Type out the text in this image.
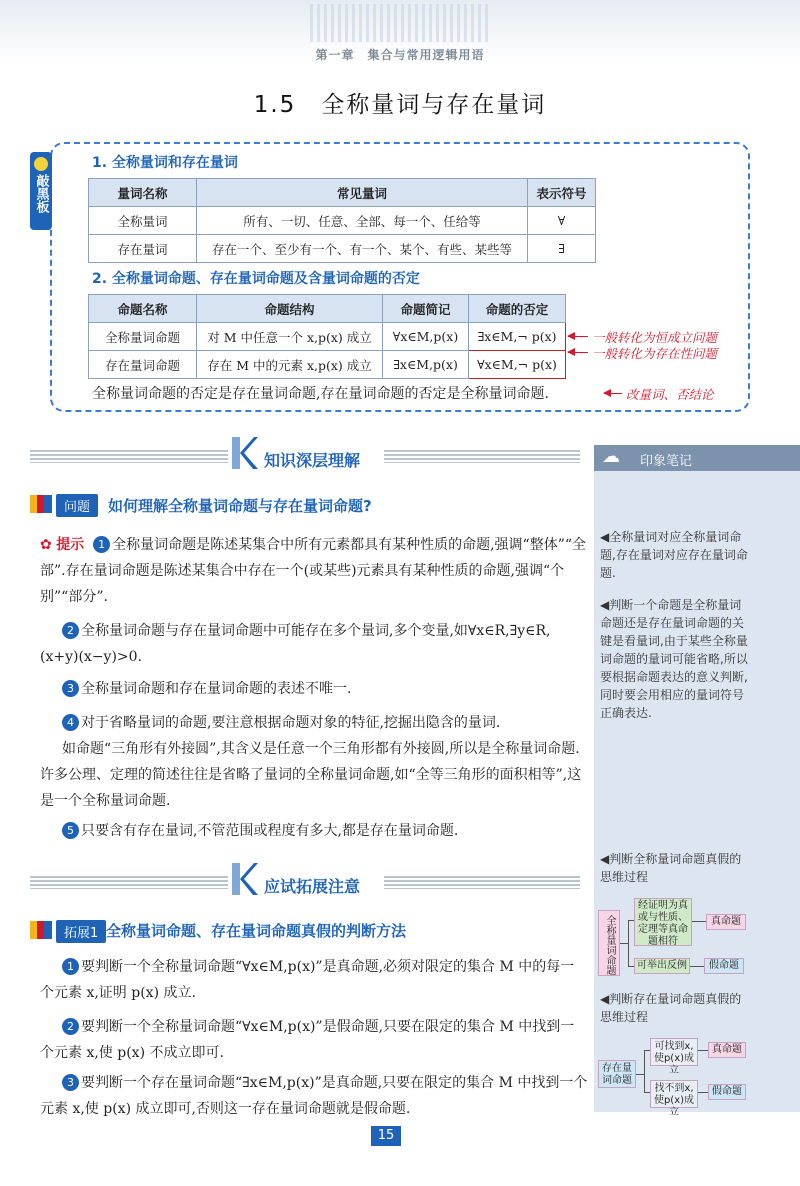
第一章　集合与常用逻辑用语
1.5　全称量词与存在量词
敲黑板
1. 全称量词和存在量词
量词名称	常见量词	表示符号
全称量词	所有、一切、任意、全部、每一个、任给等	∀
存在量词	存在一个、至少有一个、有一个、某个、有些、某些等	∃
2. 全称量词命题、存在量词命题及含量词命题的否定
命题名称	命题结构	命题简记	命题的否定
全称量词命题	对 M 中任意一个 x,p(x) 成立	∀x∈M,p(x)	∃x∈M,¬ p(x)
存在量词命题	存在 M 中的元素 x,p(x) 成立	∃x∈M,p(x)	∀x∈M,¬ p(x)
一般转化为恒成立问题
一般转化为存在性问题
全称量词命题的否定是存在量词命题,存在量词命题的否定是全称量词命题.	改量词、否结论
知识深层理解	印象笔记
☁
◀全称量词对应全称量词命题,存在量词对应存在量词命题.
◀判断一个命题是全称量词命题还是存在量词命题的关键是看量词,由于某些全称量词命题的量词可能省略,所以要根据命题表达的意义判断,同时要会用相应的量词符号正确表达.
◀判断全称量词命题真假的思维过程
◀判断存在量词命题真假的思维过程
全称量词命题
经证明为真或与性质、定理等真命题相符
真命题
可举出反例	假命题
存在量词命题
可找到x,使p(x)成立
真命题
找不到x,使p(x)成立
假命题
问题	如何理解全称量词命题与存在量词命题?
✿ 提示 1 全称量词命题是陈述某集合中所有元素都具有某种性质的命题,强调“整体”“全部”.存在量词命题是陈述某集合中存在一个(或某些)元素具有某种性质的命题,强调“个别”“部分”.
2 全称量词命题与存在量词命题中可能存在多个量词,多个变量,如∀x∈R,∃y∈R,(x+y)(x−y)>0.
3 全称量词命题和存在量词命题的表述不唯一.
4 对于省略量词的命题,要注意根据命题对象的特征,挖掘出隐含的量词.
如命题“三角形有外接圆”,其含义是任意一个三角形都有外接圆,所以是全称量词命题.许多公理、定理的简述往往是省略了量词的全称量词命题,如“全等三角形的面积相等”,这是一个全称量词命题.
5 只要含有存在量词,不管范围或程度有多大,都是存在量词命题.
应试拓展注意
拓展1 全称量词命题、存在量词命题真假的判断方法
1 要判断一个全称量词命题“∀x∈M,p(x)”是真命题,必须对限定的集合 M 中的每一个元素 x,证明 p(x) 成立.
2 要判断一个全称量词命题“∀x∈M,p(x)”是假命题,只要在限定的集合 M 中找到一个元素 x,使 p(x) 不成立即可.
3 要判断一个存在量词命题“∃x∈M,p(x)”是真命题,只要在限定的集合 M 中找到一个元素 x,使 p(x) 成立即可,否则这一存在量词命题就是假命题.
15
